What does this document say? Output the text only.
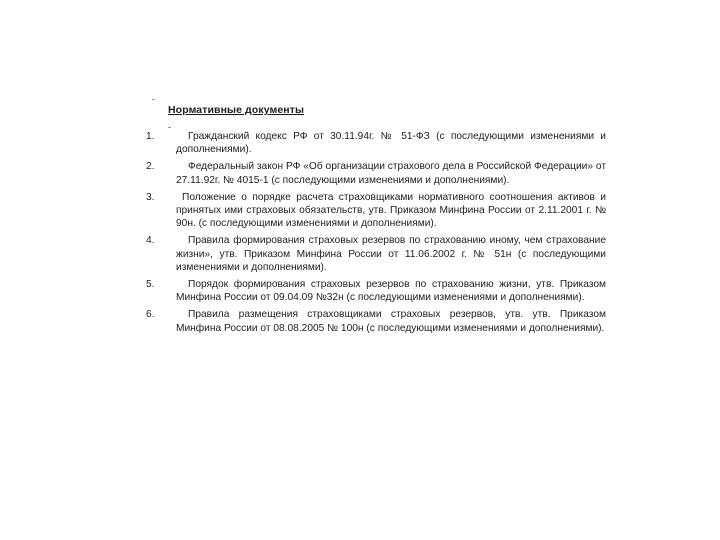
-
-
Нормативные документы
1.	Гражданский кодекс РФ от 30.11.94г. № 51-ФЗ (с последующими изменениями и дополнениями).
2.	Федеральный закон РФ «Об организации страхового дела в Российской Федерации» от 27.11.92г. № 4015-1 (с последующими изменениями и дополнениями).
3.	Положение о порядке расчета страховщиками нормативного соотношения активов и принятых ими страховых обязательств, утв. Приказом Минфина России от 2.11.2001 г. № 90н. (с последующими изменениями и дополнениями).
4.	Правила формирования страховых резервов по страхованию иному, чем страхование жизни», утв. Приказом Минфина России от 11.06.2002 г. № 51н (с последующими изменениями и дополнениями).
5.	Порядок формирования страховых резервов по страхованию жизни, утв. Приказом Минфина России от 09.04.09 №32н (с последующими изменениями и дополнениями).
6.	Правила размещения страховщиками страховых резервов, утв. утв. Приказом Минфина России от 08.08.2005 № 100н (с последующими изменениями и дополнениями).
